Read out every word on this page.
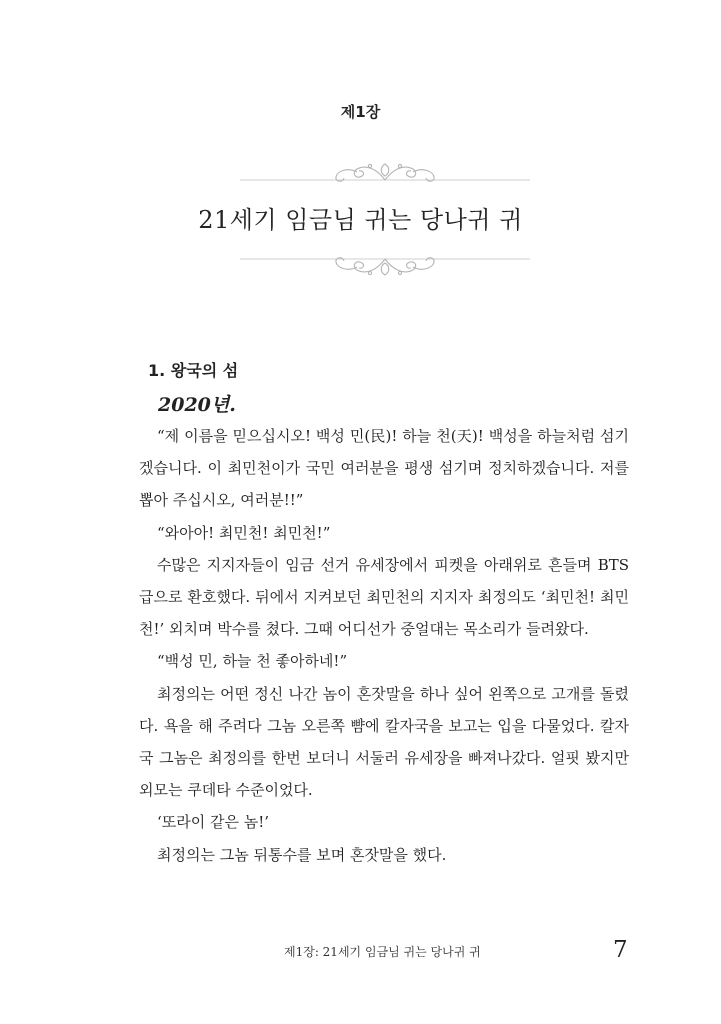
제1장
21세기 임금님 귀는 당나귀 귀
1. 왕국의 섬
2020년.

“제 이름을 믿으십시오! 백성 민(民)! 하늘 천(天)! 백성을 하늘처럼 섬기겠습니다. 이 최민천이가 국민 여러분을 평생 섬기며 정치하겠습니다. 저를 뽑아 주십시오, 여러분!!”

“와아아! 최민천! 최민천!”

수많은 지지자들이 임금 선거 유세장에서 피켓을 아래위로 흔들며 BTS급으로 환호했다. 뒤에서 지켜보던 최민천의 지지자 최정의도 ‘최민천! 최민천!’ 외치며 박수를 쳤다. 그때 어디선가 중얼대는 목소리가 들려왔다.

“백성 민, 하늘 천 좋아하네!”

최정의는 어떤 정신 나간 놈이 혼잣말을 하나 싶어 왼쪽으로 고개를 돌렸다. 욕을 해 주려다 그놈 오른쪽 뺨에 칼자국을 보고는 입을 다물었다. 칼자국 그놈은 최정의를 한번 보더니 서둘러 유세장을 빠져나갔다. 얼핏 봤지만 외모는 쿠데타 수준이었다.

‘또라이 같은 놈!’

최정의는 그놈 뒤통수를 보며 혼잣말을 했다.

제1장: 21세기 임금님 귀는 당나귀 귀	7
